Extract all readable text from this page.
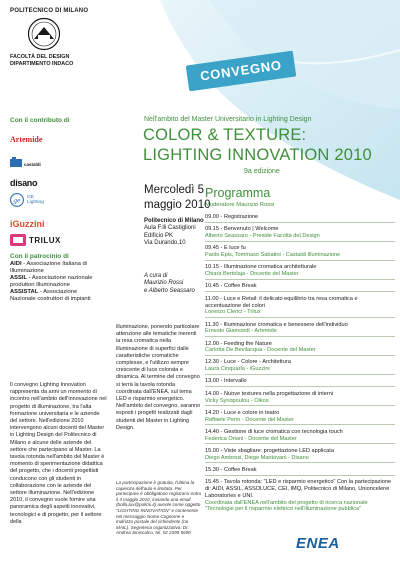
POLITECNICO DI MILANO
FACOLTÀ DEL DESIGN
DIPARTIMENTO INDACO	CONVEGNO
Con il contributo di
Artemide
castaldi
disano
ge
GE Lighting
iGuzzini
TRILUX
Con il patrocinio di
AIDI - Associazione Italiana di Illuminazione
ASSIL - Associazione nazionale produttori Illuminazione
ASSISTAL - Associazione Nazionale costruttori di impianti
Il convegno Lighting Innovation rappresenta da anni un momento di incontro nell'ambito dell'innovazione nel progetto di illuminazione, tra l'alta formazione universitaria e le aziende del settore. Nell'edizione 2010 intervengono alcuni docenti del Master in Lighting Design del Politecnico di Milano e alcune delle aziende del settore che partecipano al Master. La tavola rotonda nell'ambito del Master è momento di sperimentazione didattica del progetto, che i docenti progettisti conducono con gli studenti in collaborazione con le aziende del settore illuminazione. Nell'edizione 2010, il convegno vuole fornire una panoramica degli aspetti innovativi, tecnologici e di progetto, per il settore della
Nell'ambito del Master Universitario in Lighting Design
COLOR & TEXTURE:
LIGHTING INNOVATION 2010
9a edizione
Mercoledì 5
maggio 2010
Politecnico di Milano
Aula F.lli Castiglioni
Edificio PK
Via Durando,10
A cura di
Maurizio Rossi
e Alberto Seassaro
illuminazione, ponendo particolare attenzione alle tematiche inerenti la resa cromatica nella illuminazione di superfici dalle caratteristiche cromatiche complesse, e l'utilizzo sempre crescente di luce colorata e dinamica. Al termine del convegno si terrà la tavola rotonda coordinata dall'ENEA, sul tema LED e risparmio energetico. Nell'ambito del convegno, saranno esposti i progetti realizzati dagli studenti del Master in Lighting Design.
La partecipazione è gratuita, l'ultima la capienza dell'aula è limitata. Per partecipare è obbligatorio registrarsi entro il 3 maggio 2010, inviando una email (bolla.lux@polimi.it) avente come oggetto "LIGHTING INNOVATION" e contenente nel messaggio Nome Cognome e Indirizzo postale del richiedente (no MAIL). Segreteria organizzativa: Dr. Andrea Siniscalco, tel. 02 2399 5690
Programma
Moderatore Maurizio Rossi

09.00 - Registrazione

09.15 - Benvenuto | Welcome

Alberto Seassaro - Preside Facoltà del Design

09.45 - E luce fu

Paolo Epis, Tommaso Sabatini - Castaldi Illuminazione

10.15 - Illuminazione cromatica architetturale

Chiara Bertolaja - Docente del Master

10.45 - Coffee Break

11.00 - Luce e Retail: il delicato equilibrio tra resa cromatica e accentuazione dei colori

Lorenzo Clerici - Trilux

11.30 - Illuminazione cromatica e benessere dell'individuo

Ernesto Giamondi - Artemide

12.00 - Feeding the Nature

Carlotta De Bevilacqua - Docente del Master

12.30 - Luce - Colore - Architettura

Laura Cinquarla - iGuzzini

13.00 - Intervallo

14.00 - Nuove textures nella progettazione di interni

Vicky Syriopoulou - Oikos

14.20 - Luce e colore in teatro

Raffaele Perin - Docente del Master

14.40 - Gestione di luce cromatica con tecnologia touch

Federica Oriani - Docente del Master

15.00 - Viste sbagliare: progettazione LED applicata

Diego Ambrosi, Diego Mantovani - Disano

15.30 - Coffee Break

15.45 - Tavola rotonda: "LED e risparmio energetico" Con la partecipazione di: AIDI, ASSIL, ASSOLUCE, CEI, IMQ, Politecnico di Milano, Unioncelerei Laboratories e UNI.

Coordinata dall'ENEA nell'ambito del progetto di ricerca nazionale "Tecnologie per il risparmio elettrico nell'illuminazione pubblica"

ENEA
